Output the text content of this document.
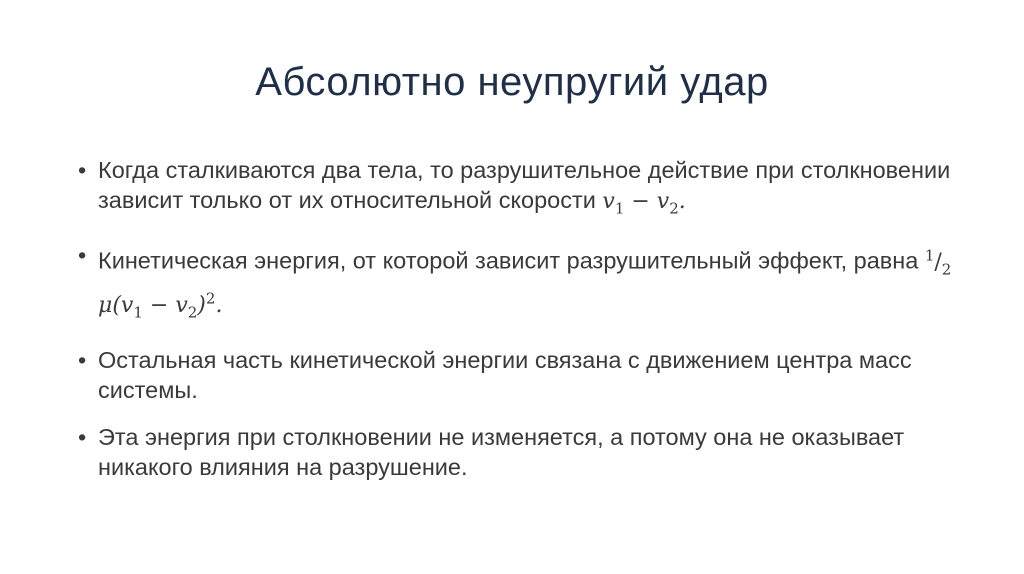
Абсолютно неупругий удар
• Когда сталкиваются два тела, то разрушительное действие при столкновении зависит только от их относительной скорости $v_1 - v_2$.
• Кинетическая энергия, от которой зависит разрушительный эффект, равна $^1/_2$ $\mu(v_1 - v_2)^2$.
• Остальная часть кинетической энергии связана с движением центра масс системы.
• Эта энергия при столкновении не изменяется, а потому она не оказывает никакого влияния на разрушение.
